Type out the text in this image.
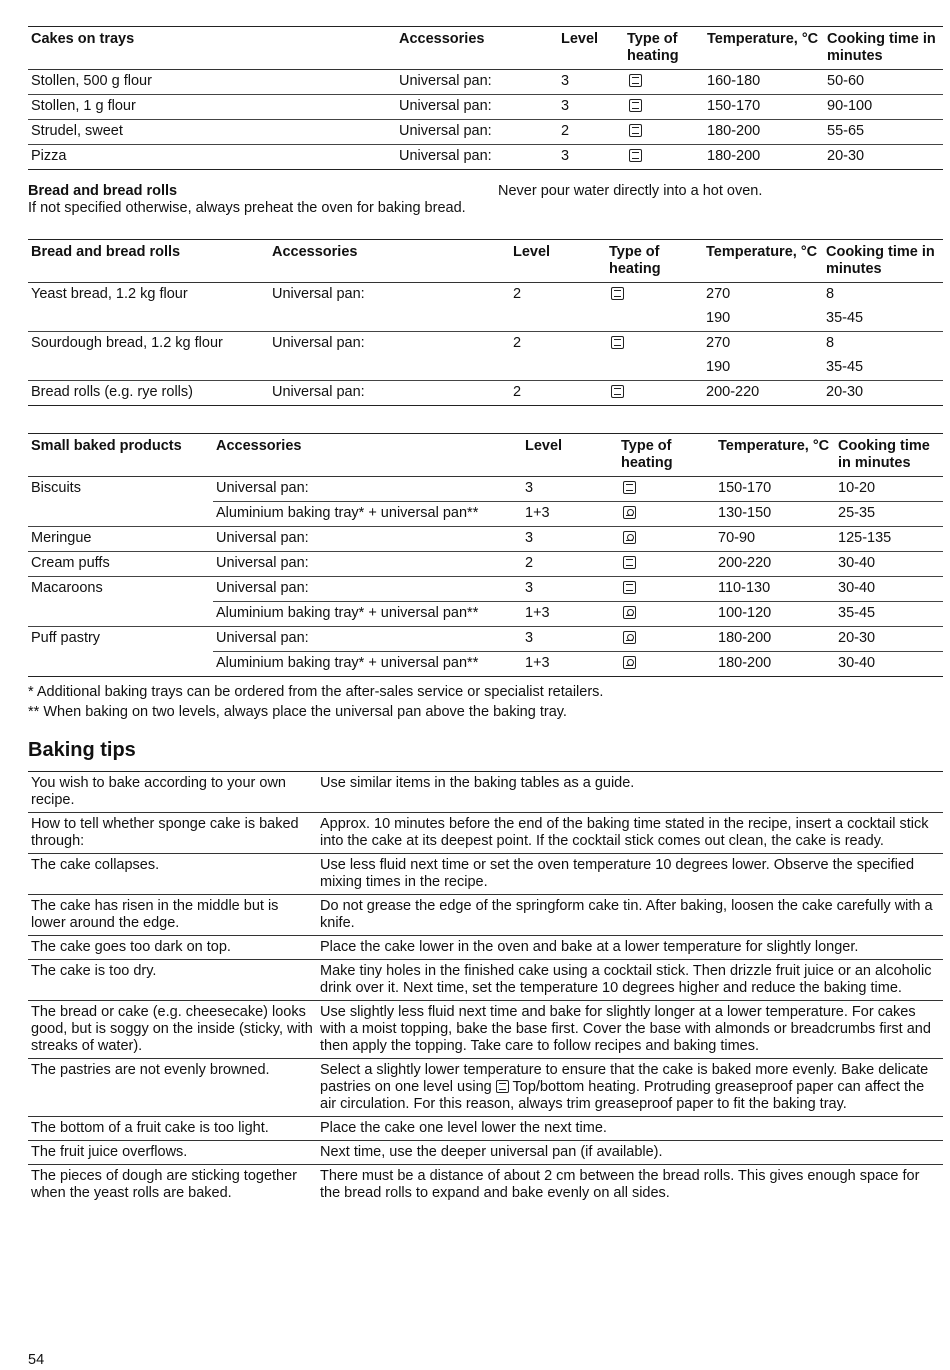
Cakes on trays	Accessories	Level	Type of heating	Temperature, °C	Cooking time in minutes
Stollen, 500 g flour	Universal pan:	3		160-180	50-60
Stollen, 1 g flour	Universal pan:	3		150-170	90-100
Strudel, sweet	Universal pan:	2		180-200	55-65
Pizza	Universal pan:	3		180-200	20-30
Bread and bread rolls
If not specified otherwise, always preheat the oven for baking bread.
Never pour water directly into a hot oven.
Bread and bread rolls	Accessories	Level	Type of heating	Temperature, °C	Cooking time in minutes
Yeast bread, 1.2 kg flour	Universal pan:	2		270	8
				190	35-45
Sourdough bread, 1.2 kg flour	Universal pan:	2		270	8
				190	35-45
Bread rolls (e.g. rye rolls)	Universal pan:	2		200-220	20-30
Small baked products	Accessories	Level	Type of heating	Temperature, °C	Cooking time in minutes
Biscuits	Universal pan:	3		150-170	10-20
	Aluminium baking tray* + universal pan**	1+3		130-150	25-35
Meringue	Universal pan:	3		70-90	125-135
Cream puffs	Universal pan:	2		200-220	30-40
Macaroons	Universal pan:	3		110-130	30-40
	Aluminium baking tray* + universal pan**	1+3		100-120	35-45
Puff pastry	Universal pan:	3		180-200	20-30
	Aluminium baking tray* + universal pan**	1+3		180-200	30-40
* Additional baking trays can be ordered from the after-sales service or specialist retailers.
** When baking on two levels, always place the universal pan above the baking tray.
Baking tips
You wish to bake according to your own recipe.	Use similar items in the baking tables as a guide.
How to tell whether sponge cake is baked through:	Approx. 10 minutes before the end of the baking time stated in the recipe, insert a cocktail stick into the cake at its deepest point. If the cocktail stick comes out clean, the cake is ready.
The cake collapses.	Use less fluid next time or set the oven temperature 10 degrees lower. Observe the specified mixing times in the recipe.
The cake has risen in the middle but is lower around the edge.	Do not grease the edge of the springform cake tin. After baking, loosen the cake carefully with a knife.
The cake goes too dark on top.	Place the cake lower in the oven and bake at a lower temperature for slightly longer.
The cake is too dry.	Make tiny holes in the finished cake using a cocktail stick. Then drizzle fruit juice or an alcoholic drink over it. Next time, set the temperature 10 degrees higher and reduce the baking time.
The bread or cake (e.g. cheesecake) looks good, but is soggy on the inside (sticky, with streaks of water).	Use slightly less fluid next time and bake for slightly longer at a lower temperature. For cakes with a moist topping, bake the base first. Cover the base with almonds or breadcrumbs first and then apply the topping. Take care to follow recipes and baking times.
The pastries are not evenly browned.	Select a slightly lower temperature to ensure that the cake is baked more evenly. Bake delicate pastries on one level using Top/bottom heating. Protruding greaseproof paper can affect the air circulation. For this reason, always trim greaseproof paper to fit the baking tray.
The bottom of a fruit cake is too light.	Place the cake one level lower the next time.
The fruit juice overflows.	Next time, use the deeper universal pan (if available).
The pieces of dough are sticking together when the yeast rolls are baked.	There must be a distance of about 2 cm between the bread rolls. This gives enough space for the bread rolls to expand and bake evenly on all sides.
54
